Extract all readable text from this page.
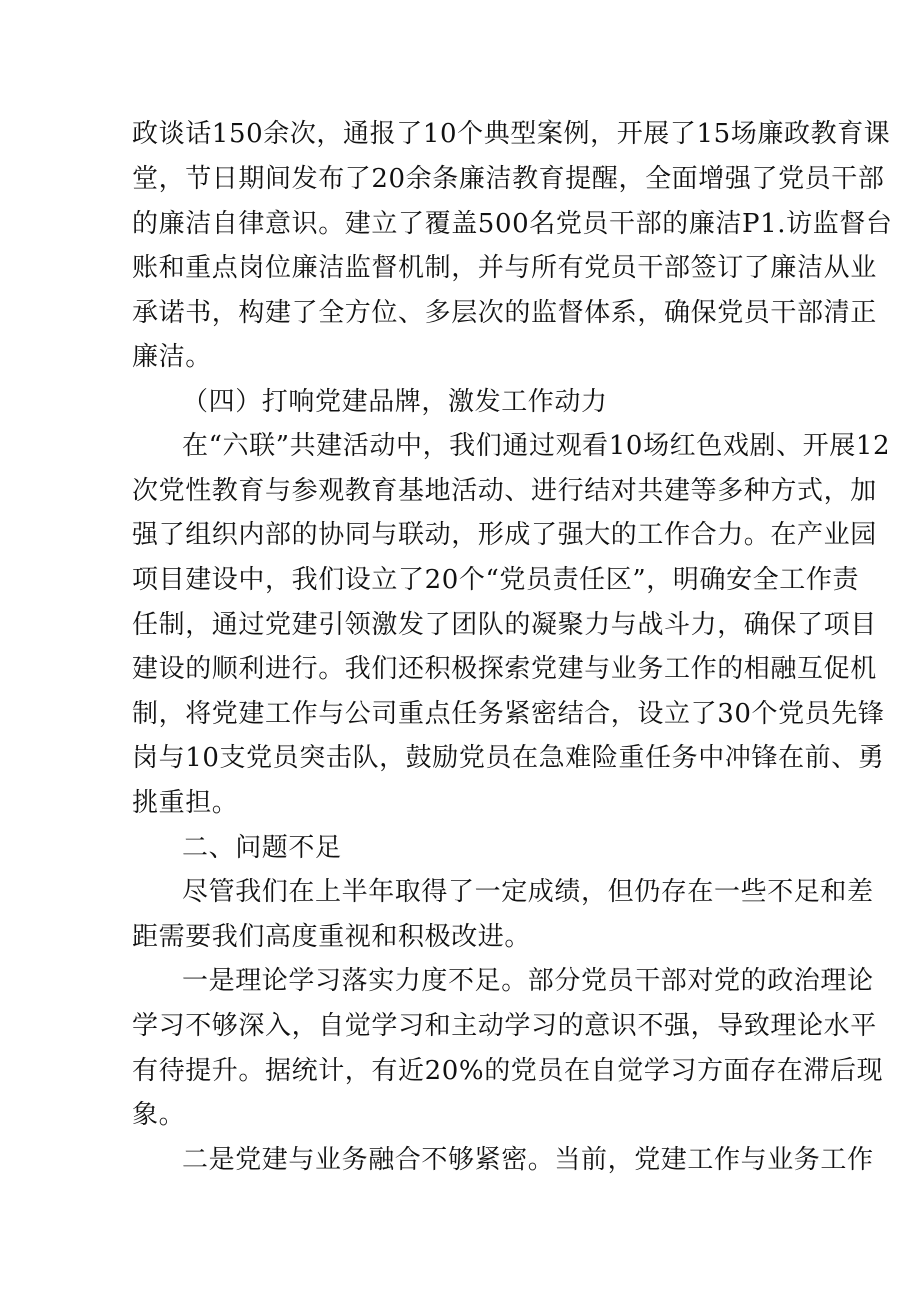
政谈话150余次，通报了10个典型案例，开展了15场廉政教育课
堂，节日期间发布了20余条廉洁教育提醒，全面增强了党员干部
的廉洁自律意识。建立了覆盖500名党员干部的廉洁P1.访监督台
账和重点岗位廉洁监督机制，并与所有党员干部签订了廉洁从业
承诺书，构建了全方位、多层次的监督体系，确保党员干部清正
廉洁。
（四）打响党建品牌，激发工作动力
在“六联”共建活动中，我们通过观看10场红色戏剧、开展12
次党性教育与参观教育基地活动、进行结对共建等多种方式，加
强了组织内部的协同与联动，形成了强大的工作合力。在产业园
项目建设中，我们设立了20个“党员责任区”，明确安全工作责
任制，通过党建引领激发了团队的凝聚力与战斗力，确保了项目
建设的顺利进行。我们还积极探索党建与业务工作的相融互促机
制，将党建工作与公司重点任务紧密结合，设立了30个党员先锋
岗与10支党员突击队，鼓励党员在急难险重任务中冲锋在前、勇
挑重担。
二、问题不足
尽管我们在上半年取得了一定成绩，但仍存在一些不足和差
距需要我们高度重视和积极改进。
一是理论学习落实力度不足。部分党员干部对党的政治理论
学习不够深入，自觉学习和主动学习的意识不强，导致理论水平
有待提升。据统计，有近20%的党员在自觉学习方面存在滞后现
象。
二是党建与业务融合不够紧密。当前，党建工作与业务工作
